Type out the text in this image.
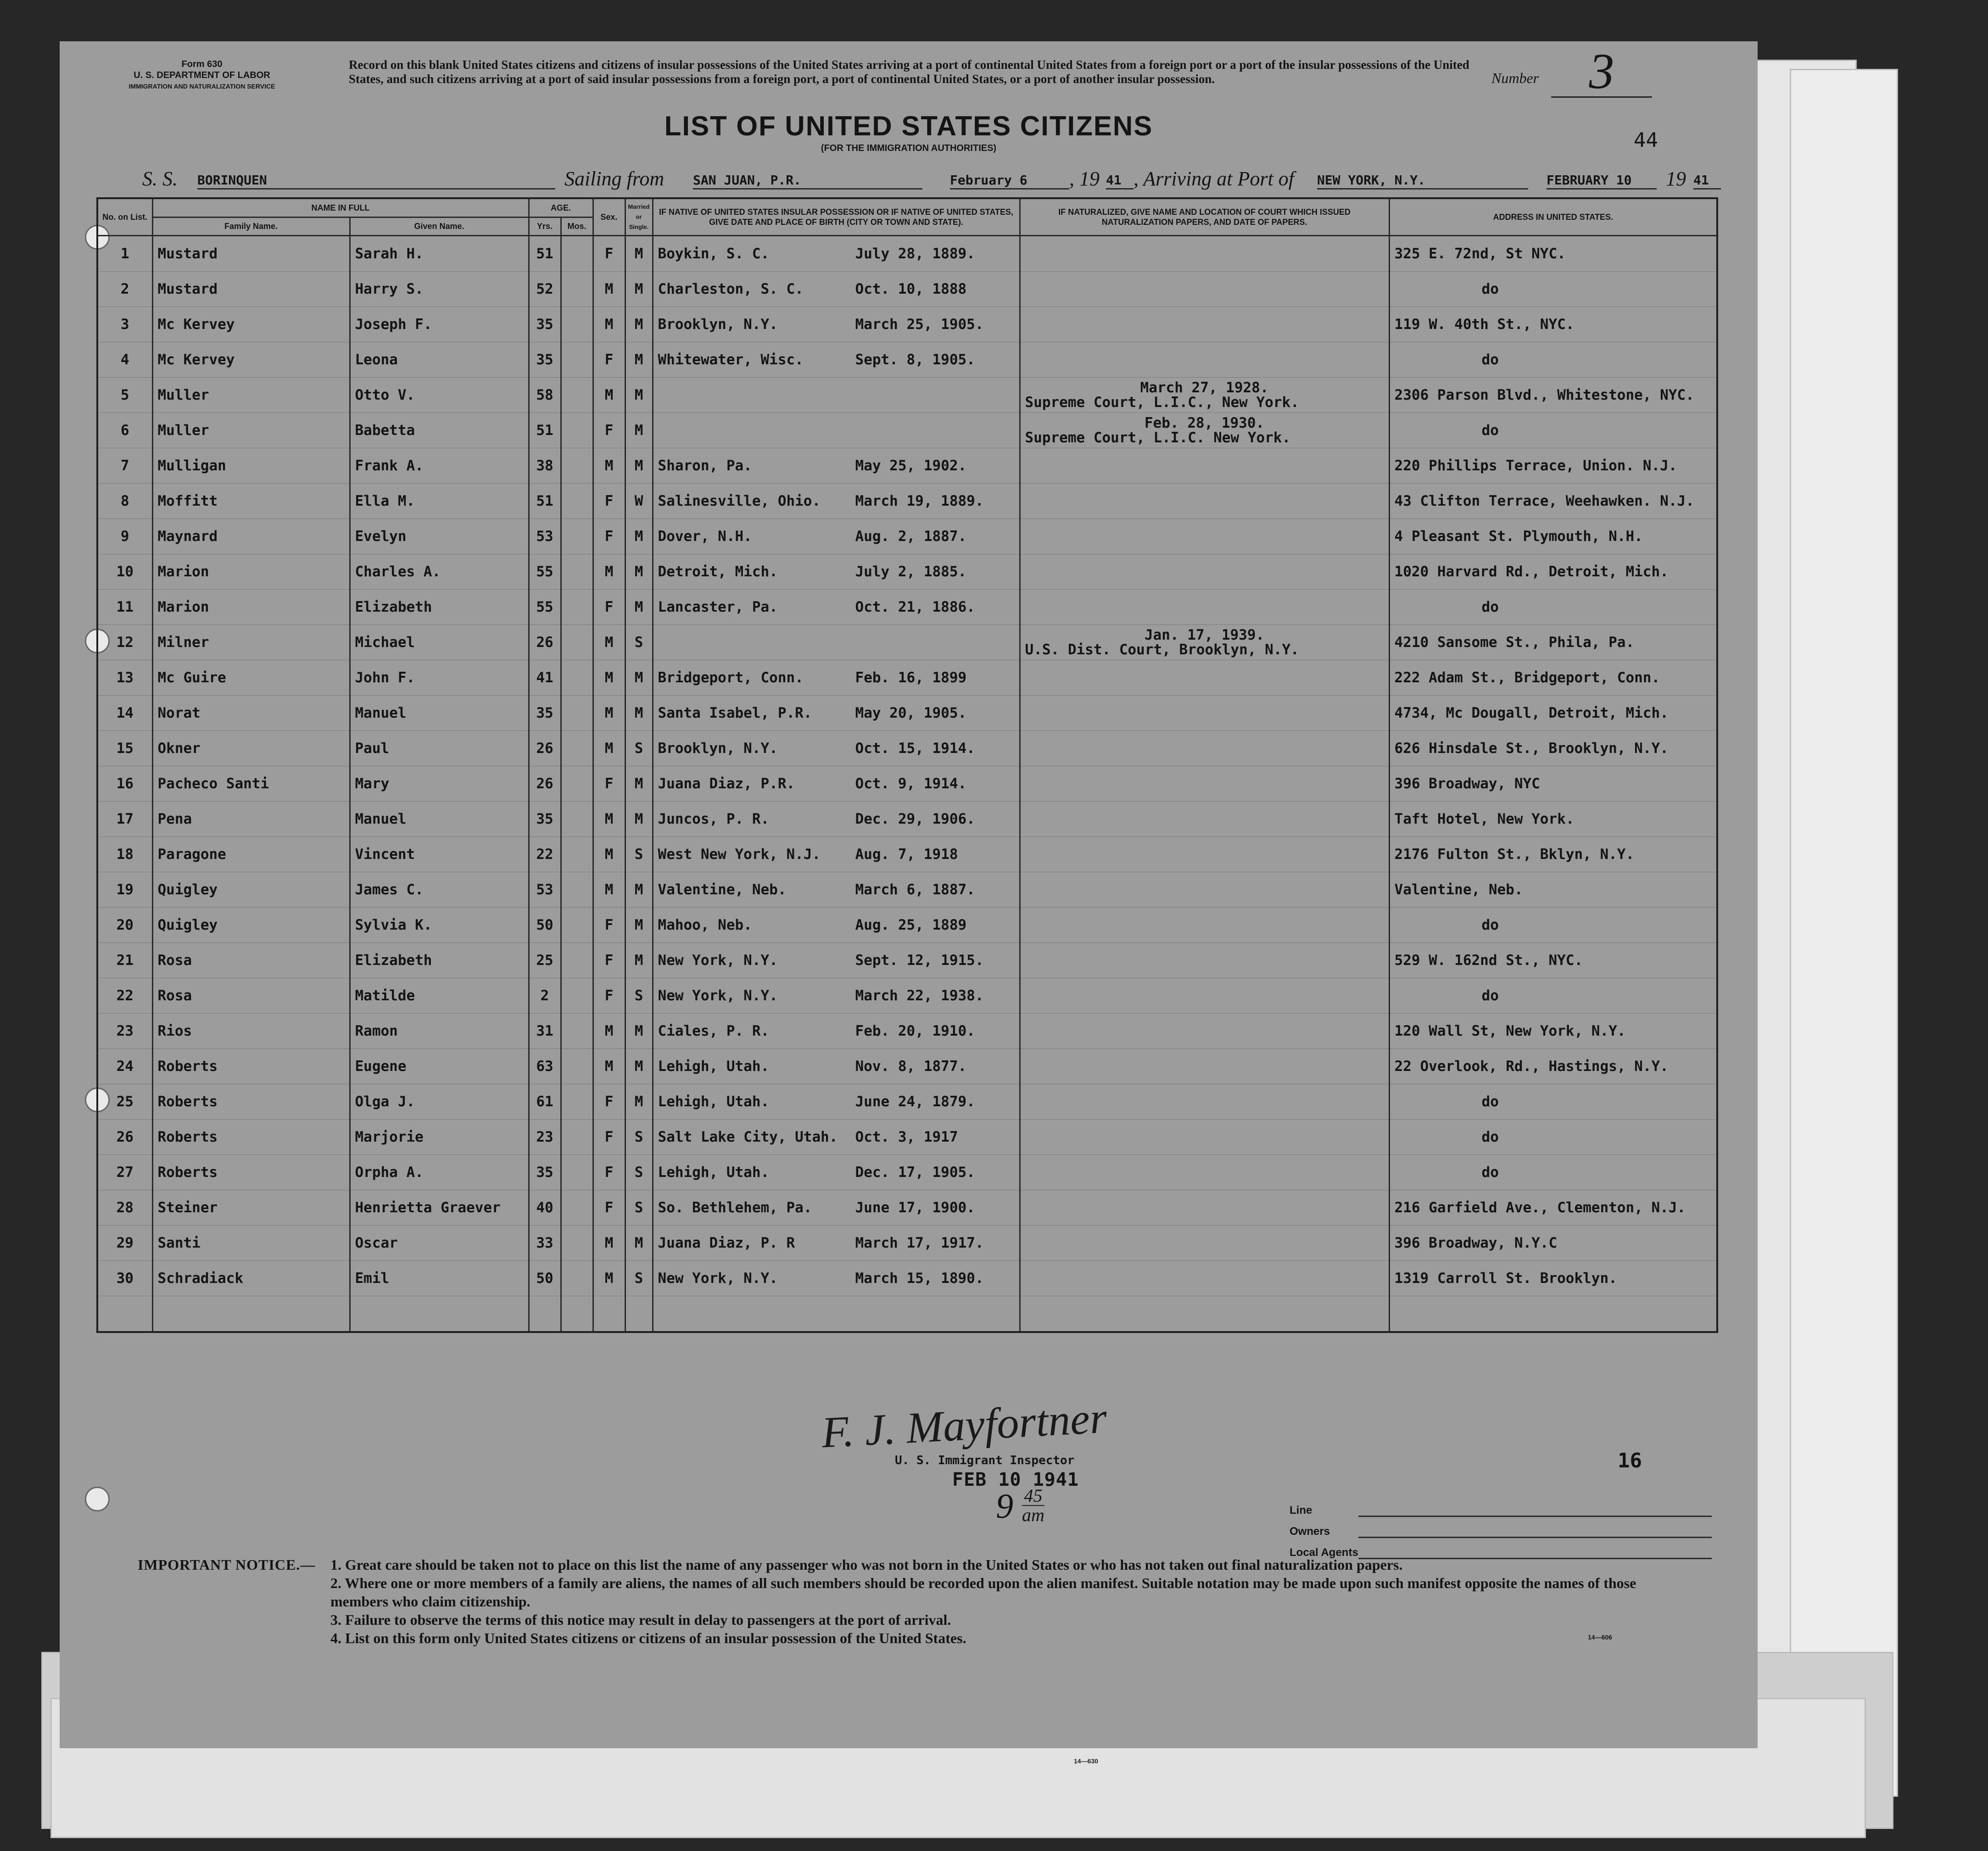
Form 630
U. S. DEPARTMENT OF LABOR
IMMIGRATION AND NATURALIZATION SERVICE
Record on this blank United States citizens and citizens of insular possessions of the United States arriving at a port of continental United States from a foreign port or a port of the insular possessions of the United States, and such citizens arriving at a port of said insular possessions from a foreign port, a port of continental United States, or a port of another insular possession.	Number 3
44
LIST OF UNITED STATES CITIZENS
(FOR THE IMMIGRATION AUTHORITIES)
S. S. BORINQUEN	Sailing from SAN JUAN, P.R.	February 6	, 19 41 , Arriving at Port of NEW YORK, N.Y.	FEBRUARY 10	19 41
No. on List.	NAME IN FULL		AGE.		Sex.	Married or Single.	IF NATIVE OF UNITED STATES INSULAR POSSESSION OR IF NATIVE OF UNITED STATES, GIVE DATE AND PLACE OF BIRTH (CITY OR TOWN AND STATE).	IF NATURALIZED, GIVE NAME AND LOCATION OF COURT WHICH ISSUED NATURALIZATION PAPERS, AND DATE OF PAPERS.	ADDRESS IN UNITED STATES.
	Family Name.	Given Name.	Yrs.	Mos.					
1	Mustard	Sarah H.	51		F	M	Boykin, S. C. July 28, 1889.		325 E. 72nd, St NYC.
2	Mustard	Harry S.	52		M	M	Charleston, S. C. Oct. 10, 1888		do
3	Mc Kervey	Joseph F.	35		M	M	Brooklyn, N.Y. March 25, 1905.		119 W. 40th St., NYC.
4	Mc Kervey	Leona	35		F	M	Whitewater, Wisc. Sept. 8, 1905.		do
5	Muller	Otto V.	58		M	M		March 27, 1928.
Supreme Court, L.I.C., New York.	2306 Parson Blvd., Whitestone, NYC.
6	Muller	Babetta	51		F	M		Feb. 28, 1930.
Supreme Court, L.I.C. New York.	do
7	Mulligan	Frank A.	38		M	M	Sharon, Pa. May 25, 1902.		220 Phillips Terrace, Union. N.J.
8	Moffitt	Ella M.	51		F	W	Salinesville, Ohio. March 19, 1889.		43 Clifton Terrace, Weehawken. N.J.
9	Maynard	Evelyn	53		F	M	Dover, N.H. Aug. 2, 1887.		4 Pleasant St. Plymouth, N.H.
10	Marion	Charles A.	55		M	M	Detroit, Mich. July 2, 1885.		1020 Harvard Rd., Detroit, Mich.
11	Marion	Elizabeth	55		F	M	Lancaster, Pa. Oct. 21, 1886.		do
12	Milner	Michael	26		M	S		Jan. 17, 1939.
U.S. Dist. Court, Brooklyn, N.Y.	4210 Sansome St., Phila, Pa.
13	Mc Guire	John F.	41		M	M	Bridgeport, Conn. Feb. 16, 1899		222 Adam St., Bridgeport, Conn.
14	Norat	Manuel	35		M	M	Santa Isabel, P.R. May 20, 1905.		4734, Mc Dougall, Detroit, Mich.
15	Okner	Paul	26		M	S	Brooklyn, N.Y. Oct. 15, 1914.		626 Hinsdale St., Brooklyn, N.Y.
16	Pacheco Santi	Mary	26		F	M	Juana Diaz, P.R. Oct. 9, 1914.		396 Broadway, NYC
17	Pena	Manuel	35		M	M	Juncos, P. R. Dec. 29, 1906.		Taft Hotel, New York.
18	Paragone	Vincent	22		M	S	West New York, N.J. Aug. 7, 1918		2176 Fulton St., Bklyn, N.Y.
19	Quigley	James C.	53		M	M	Valentine, Neb. March 6, 1887.		Valentine, Neb.
20	Quigley	Sylvia K.	50		F	M	Mahoo, Neb. Aug. 25, 1889		do
21	Rosa	Elizabeth	25		F	M	New York, N.Y. Sept. 12, 1915.		529 W. 162nd St., NYC.
22	Rosa	Matilde	2		F	S	New York, N.Y. March 22, 1938.		do
23	Rios	Ramon	31		M	M	Ciales, P. R. Feb. 20, 1910.		120 Wall St, New York, N.Y.
24	Roberts	Eugene	63		M	M	Lehigh, Utah. Nov. 8, 1877.		22 Overlook, Rd., Hastings, N.Y.
25	Roberts	Olga J.	61		F	M	Lehigh, Utah. June 24, 1879.		do
26	Roberts	Marjorie	23		F	S	Salt Lake City, Utah. Oct. 3, 1917		do
27	Roberts	Orpha A.	35		F	S	Lehigh, Utah. Dec. 17, 1905.		do
28	Steiner	Henrietta Graever	40		F	S	So. Bethlehem, Pa. June 17, 1900.		216 Garfield Ave., Clementon, N.J.
29	Santi	Oscar	33		M	M	Juana Diaz, P. R March 17, 1917.		396 Broadway, N.Y.C
30	Schradiack	Emil	50		M	S	New York, N.Y. March 15, 1890.		1319 Carroll St. Brooklyn.

F. J. Mayfortner
U. S. Immigrant Inspector
FEB 10 1941
$9 \frac{45}{am}$
16
Line
Owners
Local Agents
IMPORTANT NOTICE.—	1. Great care should be taken not to place on this list the name of any passenger who was not born in the United States or who has not taken out final naturalization papers.
2. Where one or more members of a family are aliens, the names of all such members should be recorded upon the alien manifest. Suitable notation may be made upon such manifest opposite the names of those members who claim citizenship.
3. Failure to observe the terms of this notice may result in delay to passengers at the port of arrival.
4. List on this form only United States citizens or citizens of an insular possession of the United States.	14—606
14—630
